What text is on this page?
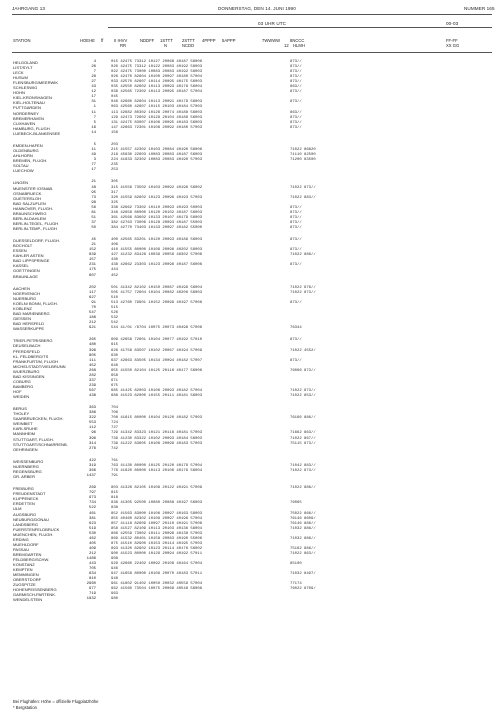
JAHRGANG 13	DONNERSTAG, DEN 14. JUNI 1990	NUMMER 165
03 UHR UTC	00-03
STATION	HOEHE ff	II IHVV
RR
NDDFF 1STTT
N
2STTT
NCDD
4PPPP 5APPP	7WWWW 8NCCC
12 HLMH
FF-FF
XX GG
HELGOLAND	4	015 42475 73312 10127 20066 40187 58006	873//
LIST/SYLT	26	020 42475 73312 10122 20083 40192 56003	873//
LECK	7	022 42475 73000 10083 20083 40192 56003	873//
HUSUM	28	026 42470 82604 10100 20097 40180 57004	873//
FLENSBURG/MEERWIK	27	033 42570 82607 10114 20095 40175 56003	873//
SCHLESWIG	43	035 42550 82602 10113 20093 40178 56004	863//
HOHN	12	038 42565 72302 10113 20095 40187 57004	873//
KIEL-KRONSHAGEN	17	045
KIEL-HOLTENAU	31	046 42660 82604 10113 20091 40179 56003	873//
PUTTGARDEN	1	063 42560 42607 10115 20103 40184 57003
NORDERNEY	11	113 42682 80302 10126 20074 40188 56003	863//
BREMERHAVEN	7	129 42473 72602 10129 20104 40189 56003	873//
CUXHAVEN	5	131 42475 83007 10106 20095 40183 56003	873//
HAMBURG, FLUGH	16	147 42663 72301 10108 20092 40180 57003	873//
LUEBECK-BLANKENSEE	14	156
EMDEN-HAFEN	5	203
OLDENBURG	11	215 41557 42302 10103 20084 40190 58006	71022 86820
AHLHORN	49	218 45630 22603 10083 20083 40187 56003	71110 82500
BREMEN, FLUGH.	3	224 41633 32302 10083 20083 40190 57003	71200 83500
SOLTAU	77	235
LUECHOW	17	253
LINGEN	21	305
MUENSTER /OSNAB.	48	315 41556 73502 10103 20092 40196 56002	71022 873//
OSNABRUECK	95	317
GUETERSLOH	73	320 41559 82602 10123 20096 40193 57003	71022 883//
BAD SALZUFLEN	98	325
HANNOVER, FLUGH.	56	338 42662 73302 10110 20093 40193 50003	873//
BRAUNSCHWEIG	81	348 42658 80000 10120 20102 40187 56003	873//
BERLIN-DAHLEM	51	361 42566 83602 10133 20107 40179 56003	873//
BERLIN-TEGEL, FLUGH	37	382 42763 73006 10128 20093 40187 55003	873//
BERLIN-TEMP., FLUGH	50	384 42770 73403 10133 20097 40182 55000	873//
DUESSELDORF, FLUGH.	45	400 42565 83201 10120 20093 40189 56003	873//
BOCHOLT	21	406
ESSEN	152	410 41555 80000 10109 20096 40202 56003	873//
KAHLER ASTEN	839	427 41232 83428 10039 20056 46302 57006	71022 886//
BAD LIPPSPRINGE	157	430
KASSEL	231	438 42662 23303 10123 20096 40187 56006	873//
GOETTINGEN	175	444
BRAUNLAGE	607	452
AACHEN	202	501 41342 82102 10150 20087 40199 56004	71022 876//
NOERVENICH	117	505 41757 72604 10104 20082 40206 56003	71022 873//
NUERBURG	627	510
KOELN/ BONN, FLUGH.	91	513 42760 79901 10152 20099 40197 57006	873//
KOBLENZ	70	515
BAD MARIENBERG	547	526
GIESSEN	186	532
BAD HERSFELD	212	542
WASSERKUPPE	921	544 41/01 /6704 10075 20073 40498 57006	76344
TRIER-PETRISBERG	265	609 42658 72601 10104 20077 40192 57010	873//
DEUSELBACH	480	615
PFERDSFELD	396	626 41756 83507 10102 20067 40194 57009	71022 4552/
KL. FELDBERG/TS	805	630
FRANKFURT/M, FLUGH	111	637 42663 83505 10134 20094 40182 57007	873//
MICHELSTADT/VIELBRUNN	452	648
WUERZBURG	268	655 41550 82104 10125 20116 40177 56006	76066 873//
BAD KISSINGEN	282	658
COBURG	337	671
BAMBERG	239	675
HOF	567	685 41425 82003 10106 20093 40182 57004	71022 873//
WEIDEN	438	688 41523 82000 10155 20111 40181 56003	71022 853//
BERUS	363	704
THOLEY	386	706
SAARBRUECKEN, FLUGH.	322	708 41615 80000 10104 20120 40182 57003	76166 886//
WEINBIET	553	724
KARLSRUHE	112	727
MANNHEIM	96	729 41342 83323 10121 20116 40181 57003	71662 863//
STUTTGART, FLUGH.	396	739 41230 83322 10102 20093 40184 56003	71022 867//
STUTTGART/SCHNARRENB.	314	739 41222 83605 10106 20099 40183 57003	75115 873//
OEHRINGEN	276	742
WEISSENBURG	422	761
NUERNBERG	319	763 41130 80000 10125 20120 40179 57004	71042 883//
REGENSBURG	366	776 41620 80000 10113 20106 40179 56004	71022 873//
GR. ARBER	1437	791
FREIBURG	269	803 41326 82105 10109 20122 40191 57009	71022 886//
FREUDENSTADT	797	815
KLIPPENECK	973	818
ERDETTEN	734	836 41305 92500 10080 20088 40197 56003	76065
ULM	522	838
AUGSBURG	461	852 41563 83000 10106 20097 40163 56003	75022 866//
NEUBURG/DONAU	381	855 40460 82302 10109 20097 40196 57004	76146 8609/
LANDSBERG	623	857 41118 82609 10097 20110 40191 57006	76146 886//
FUERSTENFELDBRUCK	519	858 41527 82109 10113 20103 40136 56004	71032 886//
MUENCHEN, FLUGH.	530	866 42559 73002 10111 20098 40138 57003
ERDING	462	869 41532 80401 10158 20083 40190 55006	71032 886//
MUEHLDORF	405	875 41510 82900 10153 20114 40195 57003
PASSAU	409	893 41320 82902 10123 20114 40176 56002	75162 886//
BREMGARTEN	212	900 41523 80000 10129 20094 40192 57011	71022 863//
FELDBERG/SCHW.	1486	908
KONSTANZ	443	929 42660 22402 10092 20108 40164 57004	85100
KEMPTEN	705	946
MEMMINGEN	634	947 41656 80000 10109 20070 40183 57011	71032 8497/
OBERSTDORF	810	948
ZUGSPITZE	2960	961 41602 91402 10050 20032 40559 57004	77174
HOHENPEISSENBERG	977	962 41560 73504 10075 20068 40548 56006	76022 8709/
GARMISCH-PARTENK.	719	963
WENDELSTEIN	1832	980
Bei Flughäfen: Höhe = offizielle Flugplatzhöhe
* Bergstation
